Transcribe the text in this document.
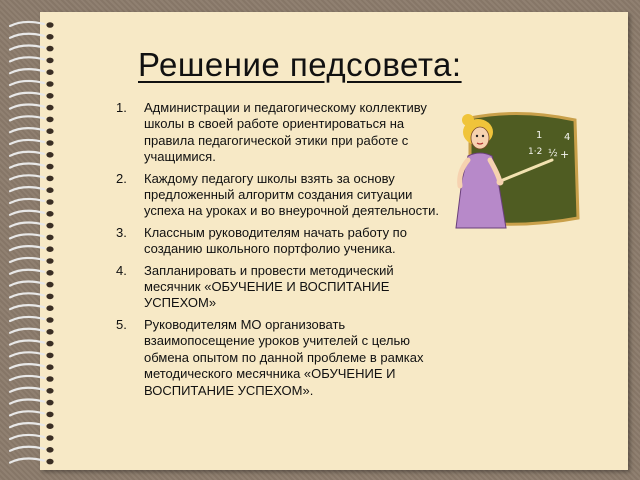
Решение педсовета:
1. Администрации и педагогическому коллективу школы в своей работе ориентироваться на правила педагогической этики при работе с учащимися.
2. Каждому педагогу школы взять за основу предложенный алгоритм создания ситуации успеха на уроках и во внеурочной деятельности.
3. Классным руководителям начать работу по созданию школьного портфолио ученика.
4. Запланировать и провести методический месячник «ОБУЧЕНИЕ И ВОСПИТАНИЕ УСПЕХОМ»
5. Руководителям МО организовать взаимопосещение уроков учителей с целью обмена опытом по данной проблеме в рамках методического месячника «ОБУЧЕНИЕ И ВОСПИТАНИЕ УСПЕХОМ».
1 4
1·2 ½ +
